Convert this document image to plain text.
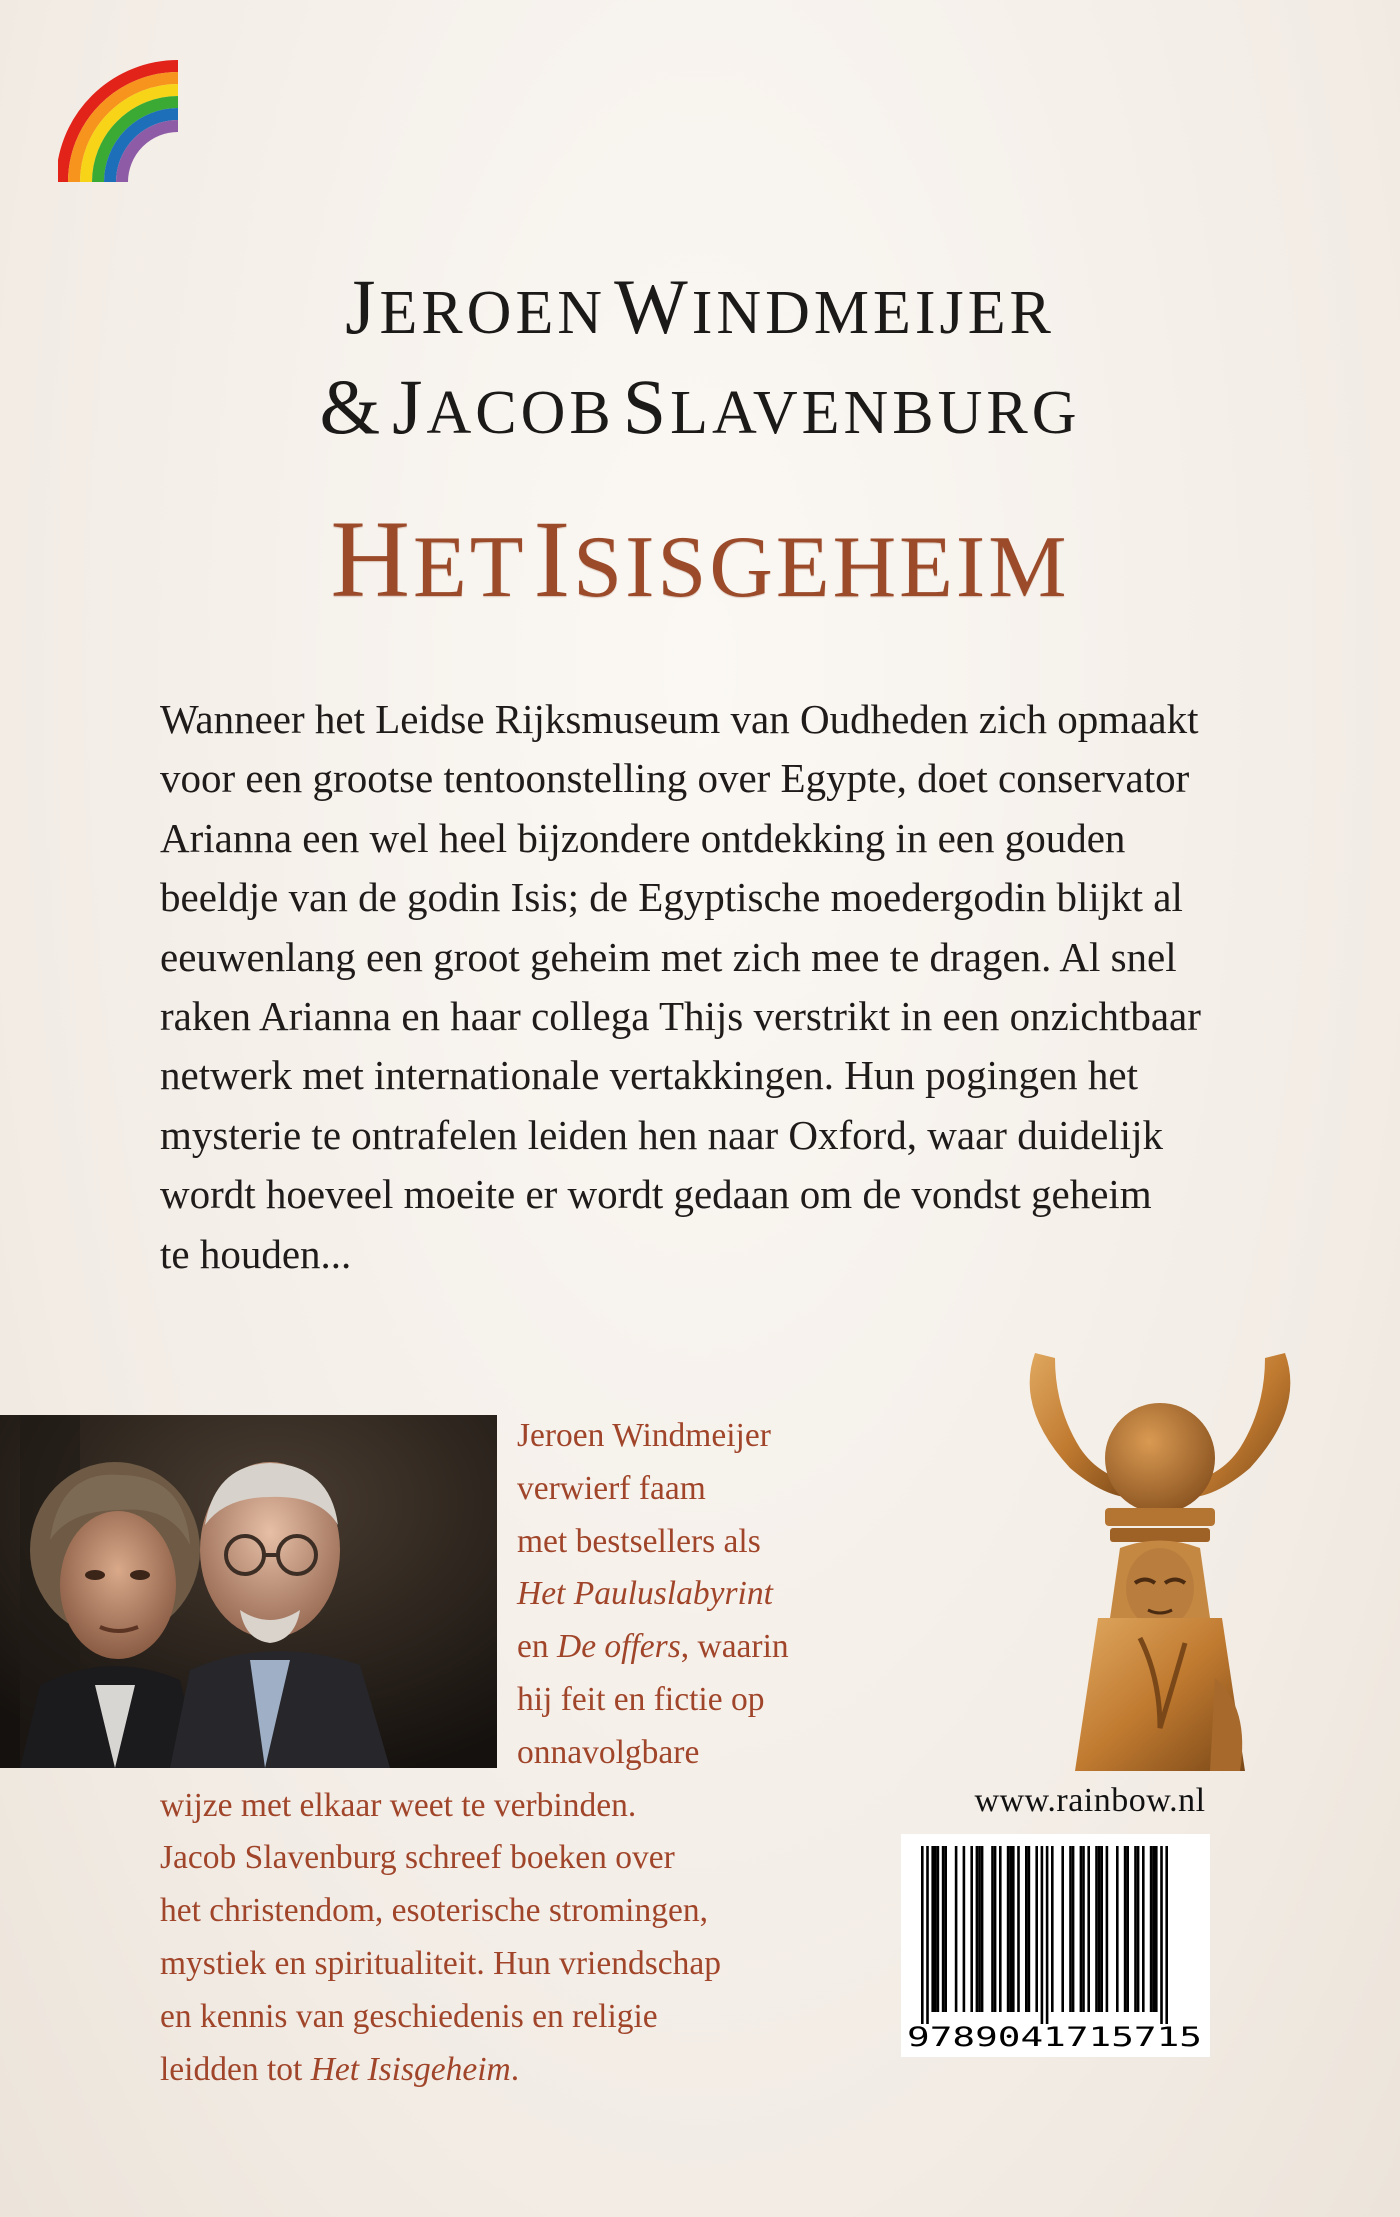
JEROEN WINDMEIJER
& JACOB SLAVENBURG
HET ISISGEHEIM
Wanneer het Leidse Rijksmuseum van Oudheden zich opmaakt
voor een grootse tentoonstelling over Egypte, doet conservator
Arianna een wel heel bijzondere ontdekking in een gouden
beeldje van de godin Isis; de Egyptische moedergodin blijkt al
eeuwenlang een groot geheim met zich mee te dragen. Al snel
raken Arianna en haar collega Thijs verstrikt in een onzichtbaar
netwerk met internationale vertakkingen. Hun pogingen het
mysterie te ontrafelen leiden hen naar Oxford, waar duidelijk
wordt hoeveel moeite er wordt gedaan om de vondst geheim
te houden...
Jeroen Windmeijer
verwierf faam
met bestsellers als
Het Pauluslabyrint
en De offers, waarin
hij feit en fictie op
onnavolgbare
wijze met elkaar weet te verbinden.
Jacob Slavenburg schreef boeken over
het christendom, esoterische stromingen,
mystiek en spiritualiteit. Hun vriendschap
en kennis van geschiedenis en religie
leidden tot Het Isisgeheim.
www.rainbow.nl
9789041715715
